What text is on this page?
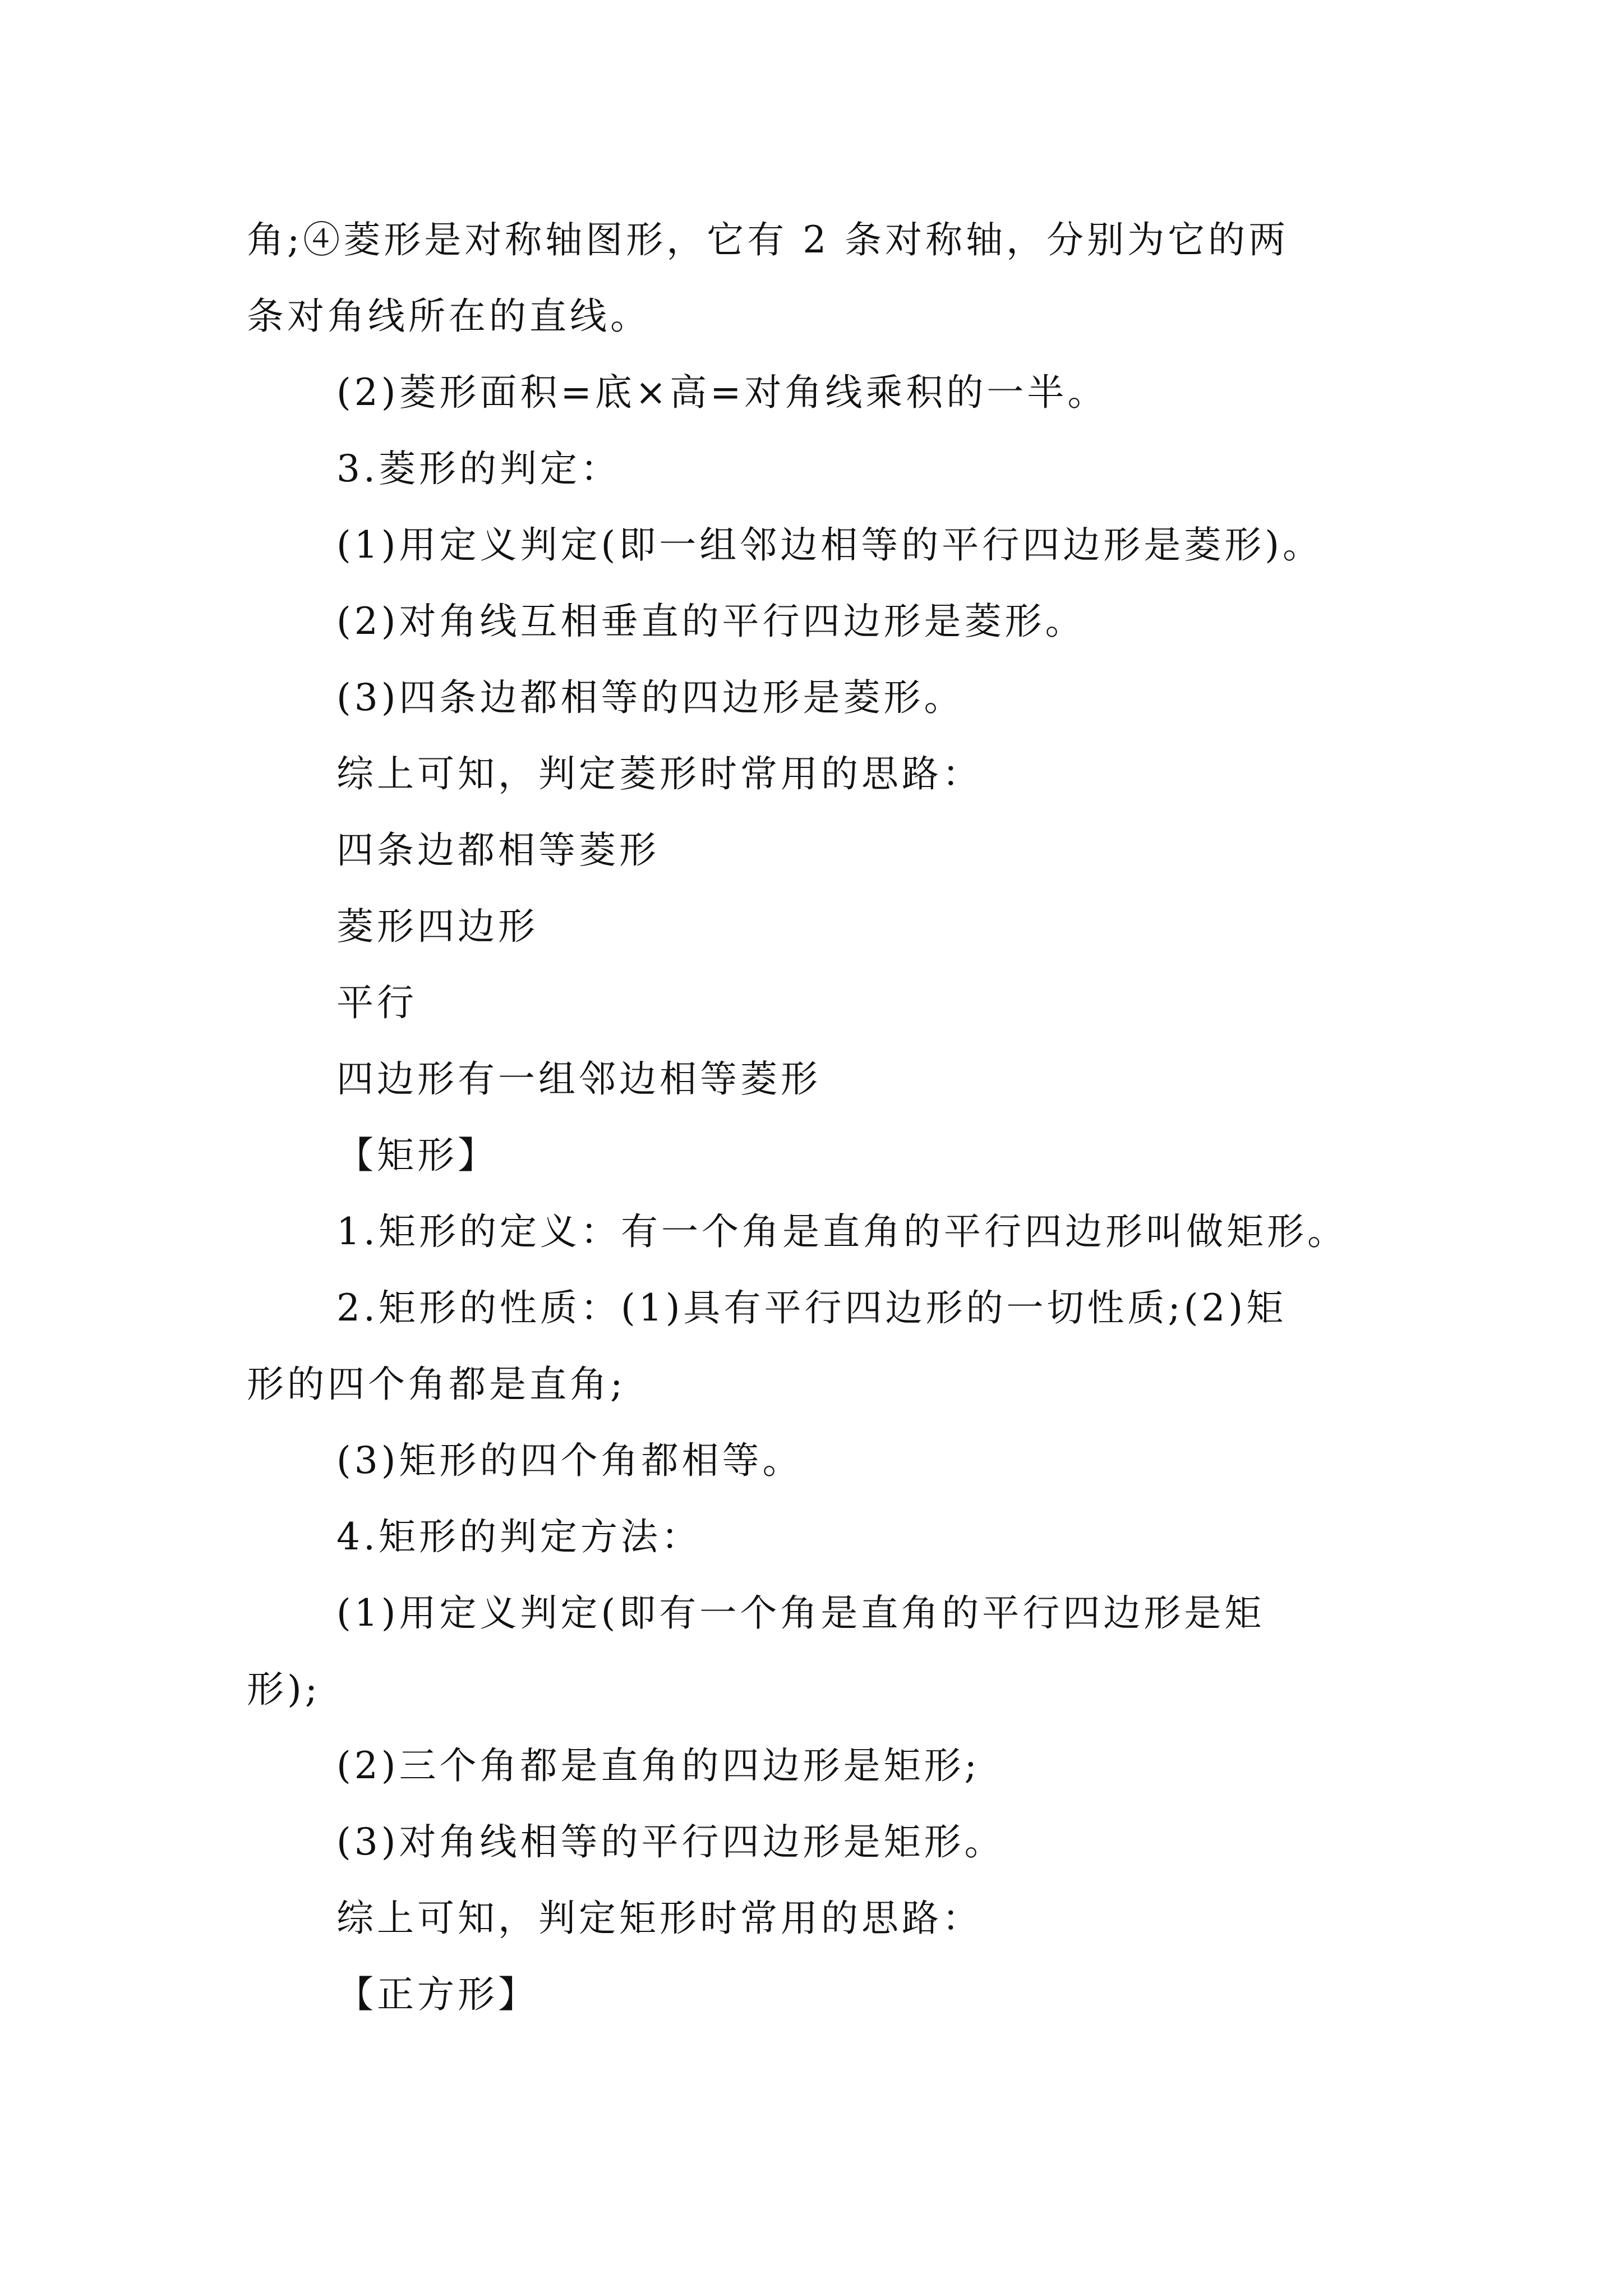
角;④菱形是对称轴图形，它有 2 条对称轴，分别为它的两
条对角线所在的直线。
(2)菱形面积=底×高=对角线乘积的一半。
3.菱形的判定：
(1)用定义判定(即一组邻边相等的平行四边形是菱形)。
(2)对角线互相垂直的平行四边形是菱形。
(3)四条边都相等的四边形是菱形。
综上可知，判定菱形时常用的思路：
四条边都相等菱形
菱形四边形
平行
四边形有一组邻边相等菱形
【矩形】
1.矩形的定义：有一个角是直角的平行四边形叫做矩形。
2.矩形的性质：(1)具有平行四边形的一切性质;(2)矩
形的四个角都是直角;
(3)矩形的四个角都相等。
4.矩形的判定方法：
(1)用定义判定(即有一个角是直角的平行四边形是矩
形);
(2)三个角都是直角的四边形是矩形;
(3)对角线相等的平行四边形是矩形。
综上可知，判定矩形时常用的思路：
【正方形】
